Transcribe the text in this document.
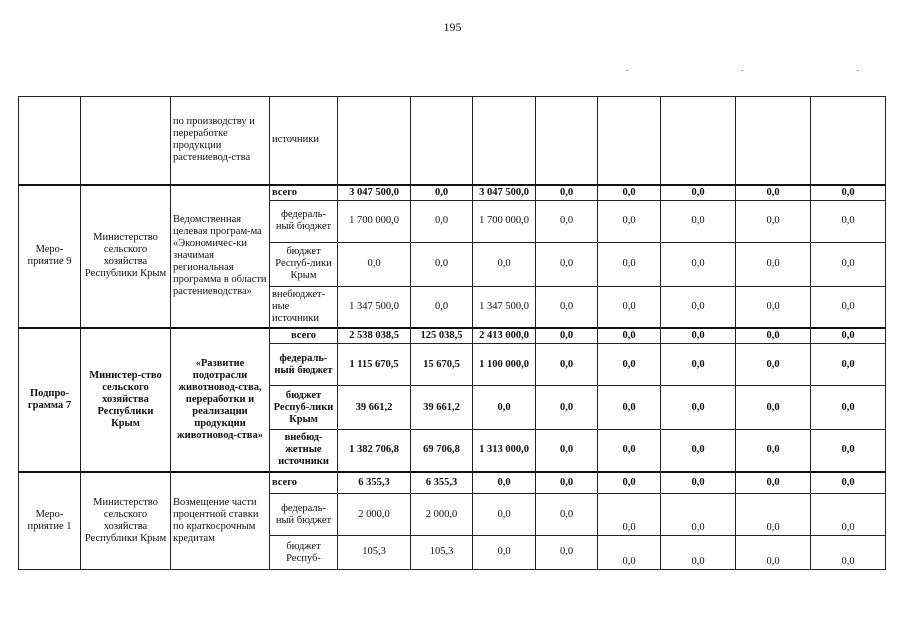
195
		по производству и переработке продукции растениевод-ства	источники								
Меро-приятие 9	Министерство сельского хозяйства Республики Крым	Ведомственная целевая програм-ма «Экономичес-ки значимая региональная программа в области растениеводства»	всего	3 047 500,0	0,0	3 047 500,0	0,0	0,0	0,0	0,0	0,0
			федераль-ный бюджет	1 700 000,0	0,0	1 700 000,0	0,0	0,0	0,0	0,0	0,0
			бюджет Респуб-лики Крым	0,0	0,0	0,0	0,0	0,0	0,0	0,0	0,0
			внебюджет-ные источники	1 347 500,0	0,0	1 347 500,0	0,0	0,0	0,0	0,0	0,0
Подпро-грамма 7	Министер-ство сельского хозяйства Республики Крым	«Развитие подотрасли животновод-ства, переработки и реализации продукции животновод-ства»	всего	2 538 038,5	125 038,5	2 413 000,0	0,0	0,0	0,0	0,0	0,0
			федераль-ный бюджет	1 115 670,5	15 670,5	1 100 000,0	0,0	0,0	0,0	0,0	0,0
			бюджет Респуб-лики Крым	39 661,2	39 661,2	0,0	0,0	0,0	0,0	0,0	0,0
			внебюд-жетные источники	1 382 706,8	69 706,8	1 313 000,0	0,0	0,0	0,0	0,0	0,0
Меро-приятие 1	Министерство сельского хозяйства Республики Крым	Возмещение части процентной ставки по краткосрочным кредитам	всего	6 355,3	6 355,3	0,0	0,0	0,0	0,0	0,0	0,0
			федераль-ный бюджет	2 000,0	2 000,0	0,0	0,0	0,0	0,0	0,0	0,0
			бюджет Респуб-	105,3	105,3	0,0	0,0	0,0	0,0	0,0	0,0
